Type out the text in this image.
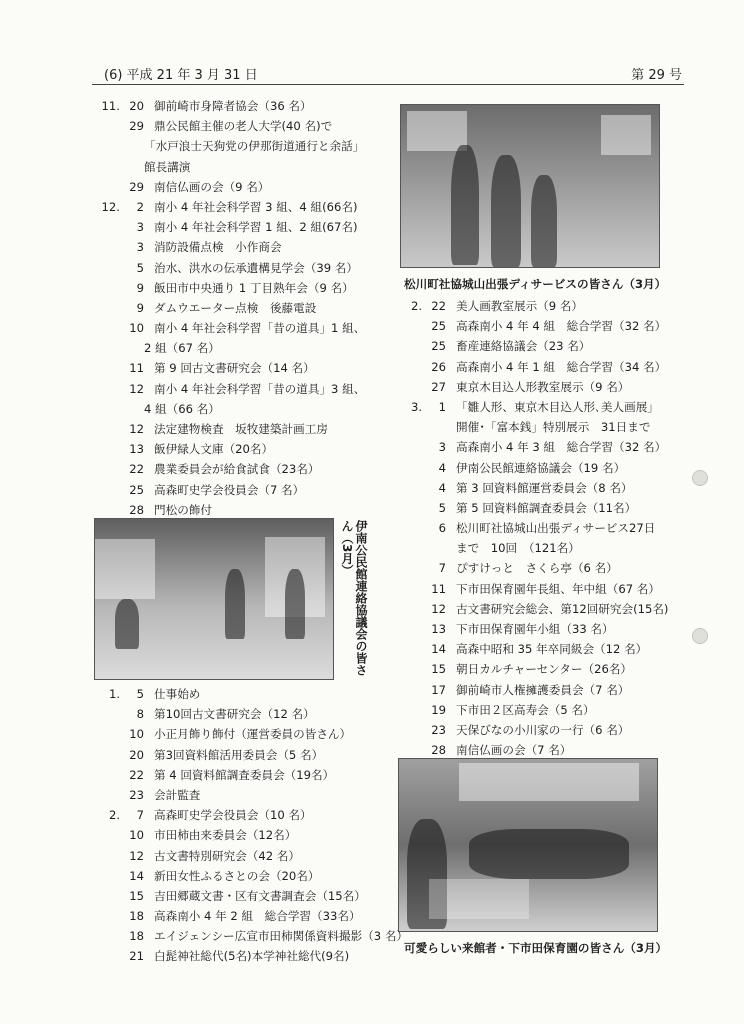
(6) 平成 21 年 3 月 31 日	第 29 号
松川町社協城山出張ディサービスの皆さん（3月）
伊南公民館連絡協議会の皆さん（3月）
可愛らしい来館者・下市田保育園の皆さん（3月）
11. 20 御前崎市身障者協会（36 名）
29 鼎公民館主催の老人大学(40 名)で
「水戸浪士天狗党の伊那街道通行と余話」
館長講演
29 南信仏画の会（9 名）
12.	2 南小 4 年社会科学習 3 組、4 組(66名)
3 南小 4 年社会科学習 1 組、2 組(67名)
3 消防設備点検　小作商会
5 治水、洪水の伝承遺構見学会（39 名）
9 飯田市中央通り 1 丁目熟年会（9 名）
9 ダムウエーター点検　後藤電設
10 南小 4 年社会科学習「昔の道具」1 組、
2 組（67 名）
11 第 9 回古文書研究会（14 名）
12 南小 4 年社会科学習「昔の道具」3 組、
4 組（66 名）
12 法定建物検査　坂牧建築計画工房
13 飯伊緑人文庫（20名）
22 農業委員会が給食試食（23名）
25 高森町史学会役員会（7 名）
28 門松の飾付
1.	5 仕事始め
8 第10回古文書研究会（12 名）
10 小正月飾り飾付（運営委員の皆さん）
20 第3回資料館活用委員会（5 名）
22 第 4 回資料館調査委員会（19名）
23 会計監査
2.	7 高森町史学会役員会（10 名）
10 市田柿由来委員会（12名）
12 古文書特別研究会（42 名）
14 新田女性ふるさとの会（20名）
15 吉田郷蔵文書・区有文書調査会（15名）
18 高森南小 4 年 2 組　総合学習（33名）
18 エイジェンシー広宣市田柿関係資料撮影（3 名）
21 白髭神社総代(5名)本学神社総代(9名)
2. 22 美人画教室展示（9 名）
25 高森南小 4 年 4 組　総合学習（32 名）
25 畜産連絡協議会（23 名）
26 高森南小 4 年 1 組　総合学習（34 名）
27 東京木目込人形教室展示（9 名）
3.	1 「雛人形、東京木目込人形､美人画展」
開催･「富本銭」特別展示　31日まで
3 高森南小 4 年 3 組　総合学習（32 名）
4 伊南公民館連絡協議会（19 名）
4 第 3 回資料館運営委員会（8 名）
5 第 5 回資料館調査委員会（11名）
6 松川町社協城山出張ディサービス27日
まで　10回　（121名）
7 ぴすけっと　さくら亭（6 名）
11 下市田保育園年長組、年中組（67 名）
12 古文書研究会総会、第12回研究会(15名)
13 下市田保育園年小組（33 名）
14 高森中昭和 35 年卒同級会（12 名）
15 朝日カルチャーセンター（26名）
17 御前崎市人権擁護委員会（7 名）
19 下市田２区高寿会（5 名）
23 天保びなの小川家の一行（6 名）
28 南信仏画の会（7 名）
